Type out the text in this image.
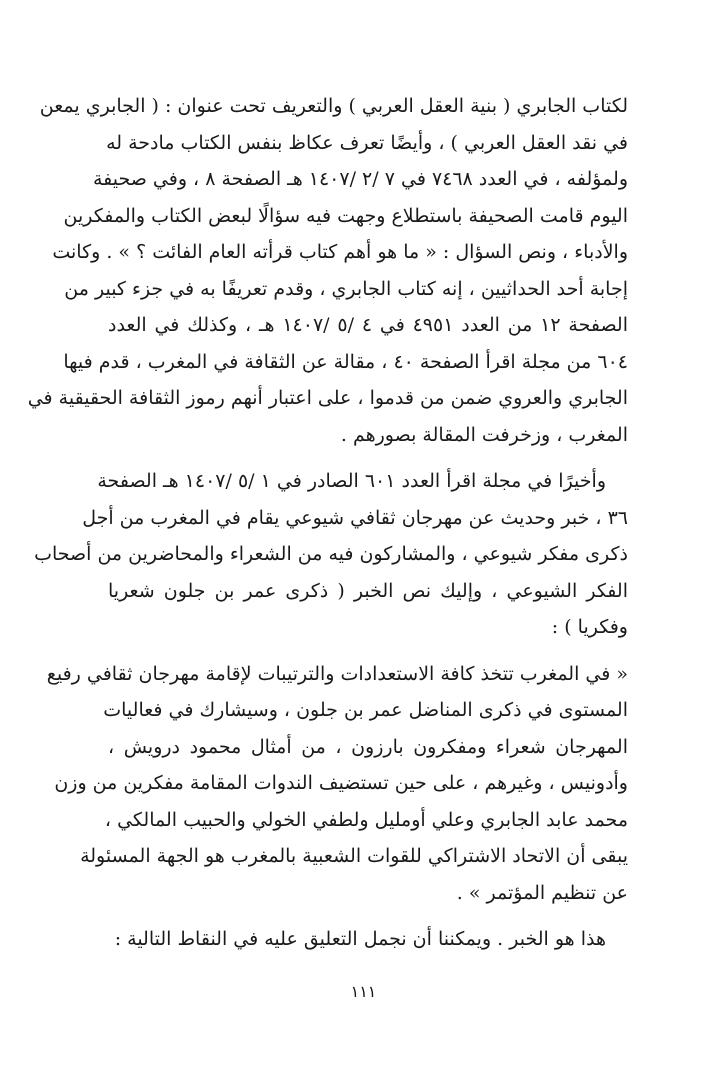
لكتاب الجابري ( بنية العقل العربي ) والتعريف تحت عنوان : ( الجابري يمعن
في نقد العقل العربي ) ، وأيضًا تعرف عكاظ بنفس الكتاب مادحة له
ولمؤلفه ، في العدد ٧٤٦٨ في ٧ /٢ /١٤٠٧ هـ الصفحة ٨ ، وفي صحيفة
اليوم قامت الصحيفة باستطلاع وجهت فيه سؤالًا لبعض الكتاب والمفكرين
والأدباء ، ونص السؤال : « ما هو أهم كتاب قرأته العام الفائت ؟ » . وكانت
إجابة أحد الحداثيين ، إنه كتاب الجابري ، وقدم تعريفًا به في جزء كبير من
الصفحة ١٢ من العدد ٤٩٥١ في ٤ /٥ /١٤٠٧ هـ ، وكذلك في العدد
٦٠٤ من مجلة اقرأ الصفحة ٤٠ ، مقالة عن الثقافة في المغرب ، قدم فيها
الجابري والعروي ضمن من قدموا ، على اعتبار أنهم رموز الثقافة الحقيقية في
المغرب ، وزخرفت المقالة بصورهم .

وأخيرًا في مجلة اقرأ العدد ٦٠١ الصادر في ١ /٥ /١٤٠٧ هـ الصفحة
٣٦ ، خبر وحديث عن مهرجان ثقافي شيوعي يقام في المغرب من أجل
ذكرى مفكر شيوعي ، والمشاركون فيه من الشعراء والمحاضرين من أصحاب
الفكر الشيوعي ، وإليك نص الخبر ( ذكرى عمر بن جلون شعريا
وفكريا ) :

« في المغرب تتخذ كافة الاستعدادات والترتيبات لإقامة مهرجان ثقافي رفيع
المستوى في ذكرى المناضل عمر بن جلون ، وسيشارك في فعاليات
المهرجان شعراء ومفكرون بارزون ، من أمثال محمود درويش ،
وأدونيس ، وغيرهم ، على حين تستضيف الندوات المقامة مفكرين من وزن
محمد عابد الجابري وعلي أومليل ولطفي الخولي والحبيب المالكي ،
يبقى أن الاتحاد الاشتراكي للقوات الشعبية بالمغرب هو الجهة المسئولة
عن تنظيم المؤتمر » .

هذا هو الخبر . ويمكننا أن نجمل التعليق عليه في النقاط التالية :

١١١
